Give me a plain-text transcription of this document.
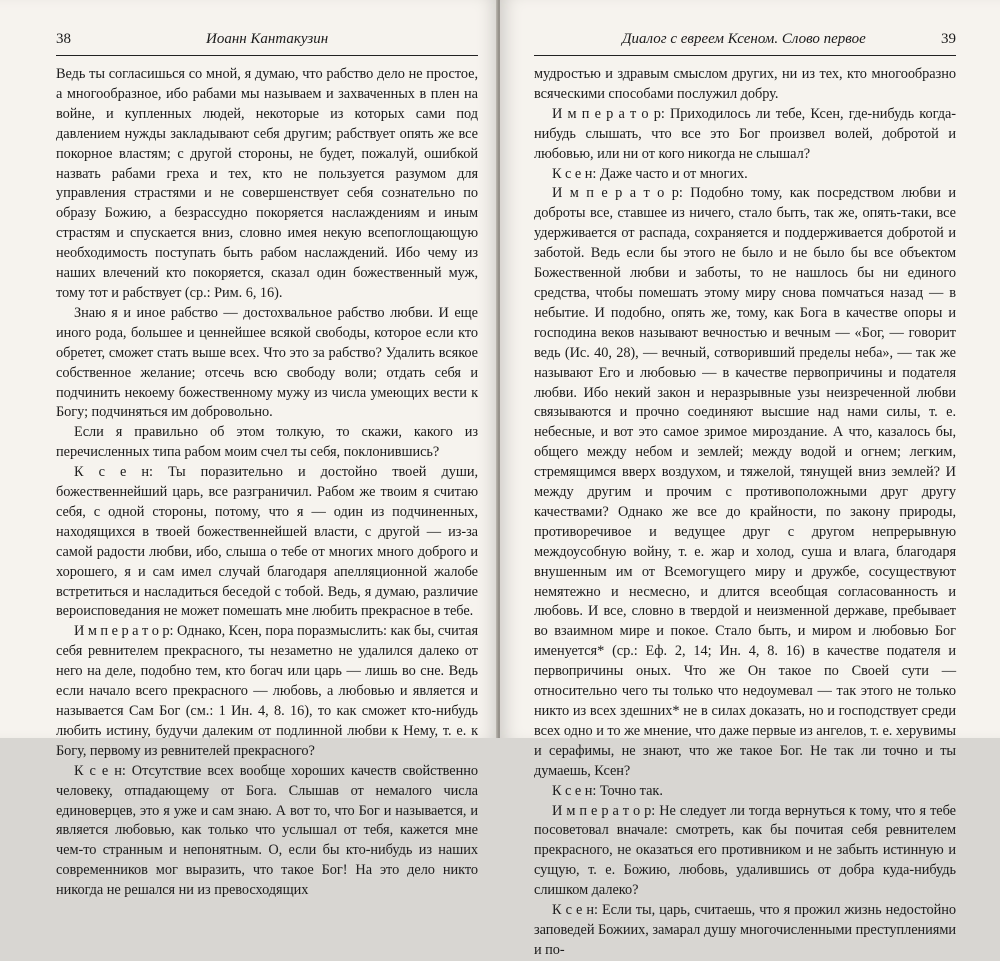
38	Иоанн Кантакузин

Ведь ты согласишься со мной, я думаю, что рабство дело не простое, а многообразное, ибо рабами мы называем и захваченных в плен на войне, и купленных людей, некоторые из которых сами под давлением нужды закладывают себя другим; рабствует опять же все покорное властям; с другой стороны, не будет, пожалуй, ошибкой назвать рабами греха и тех, кто не пользуется разумом для управления страстями и не совершенствует себя сознательно по образу Божию, а безрассудно покоряется наслаждениям и иным страстям и спускается вниз, словно имея некую всепоглощающую необходимость поступать быть рабом наслаждений. Ибо чему из наших влечений кто покоряется, сказал один божественный муж, тому тот и рабствует (ср.: Рим. 6, 16).

Знаю я и иное рабство — достохвальное рабство любви. И еще иного рода, большее и ценнейшее всякой свободы, которое если кто обретет, сможет стать выше всех. Что это за рабство? Удалить всякое собственное желание; отсечь всю свободу воли; отдать себя и подчинить некоему божественному мужу из числа умеющих вести к Богу; подчиняться им добровольно.

Если я правильно об этом толкую, то скажи, какого из перечисленных типа рабом моим счел ты себя, поклонившись?

К с е н: Ты поразительно и достойно твоей души, божественнейший царь, все разграничил. Рабом же твоим я считаю себя, с одной стороны, потому, что я — один из подчиненных, находящихся в твоей божественнейшей власти, с другой — из-за самой радости любви, ибо, слыша о тебе от многих много доброго и хорошего, я и сам имел случай благодаря апелляционной жалобе встретиться и насладиться беседой с тобой. Ведь, я думаю, различие вероисповедания не может помешать мне любить прекрасное в тебе.

И м п е р а т о р: Однако, Ксен, пора поразмыслить: как бы, считая себя ревнителем прекрасного, ты незаметно не удалился далеко от него на деле, подобно тем, кто богач или царь — лишь во сне. Ведь если начало всего прекрасного — любовь, а любовью и является и называется Сам Бог (см.: 1 Ин. 4, 8. 16), то как сможет кто-нибудь любить истину, будучи далеким от подлинной любви к Нему, т. е. к Богу, первому из ревнителей прекрасного?

К с е н: Отсутствие всех вообще хороших качеств свойственно человеку, отпадающему от Бога. Слышав от немалого числа единоверцев, это я уже и сам знаю. А вот то, что Бог и называется, и является любовью, как только что услышал от тебя, кажется мне чем-то странным и непонятным. О, если бы кто-нибудь из наших современников мог выразить, что такое Бог! На это дело никто никогда не решался ни из превосходящих

Диалог с евреем Ксеном. Слово первое	39

мудростью и здравым смыслом других, ни из тех, кто многообразно всяческими способами послужил добру.

И м п е р а т о р: Приходилось ли тебе, Ксен, где-нибудь когда-нибудь слышать, что все это Бог произвел волей, добротой и любовью, или ни от кого никогда не слышал?

К с е н: Даже часто и от многих.

И м п е р а т о р: Подобно тому, как посредством любви и доброты все, ставшее из ничего, стало быть, так же, опять-таки, все удерживается от распада, сохраняется и поддерживается добротой и заботой. Ведь если бы этого не было и не было бы все объектом Божественной любви и заботы, то не нашлось бы ни единого средства, чтобы помешать этому миру снова помчаться назад — в небытие. И подобно, опять же, тому, как Бога в качестве опоры и господина веков называют вечностью и вечным — «Бог, — говорит ведь (Ис. 40, 28), — вечный, сотворивший пределы неба», — так же называют Его и любовью — в качестве первопричины и подателя любви. Ибо некий закон и неразрывные узы неизреченной любви связываются и прочно соединяют высшие над нами силы, т. е. небесные, и вот это самое зримое мироздание. А что, казалось бы, общего между небом и землей; между водой и огнем; легким, стремящимся вверх воздухом, и тяжелой, тянущей вниз землей? И между другим и прочим с противоположными друг другу качествами? Однако же все до крайности, по закону природы, противоречивое и ведущее друг с другом непрерывную междоусобную войну, т. е. жар и холод, суша и влага, благодаря внушенным им от Всемогущего миру и дружбе, сосуществуют немятежно и несмесно, и длится всеобщая согласованность и любовь. И все, словно в твердой и неизменной державе, пребывает во взаимном мире и покое. Стало быть, и миром и любовью Бог именуется* (ср.: Еф. 2, 14; Ин. 4, 8. 16) в качестве подателя и первопричины оных. Что же Он такое по Своей сути — относительно чего ты только что недоумевал — так этого не только никто из всех здешних* не в силах доказать, но и господствует среди всех одно и то же мнение, что даже первые из ангелов, т. е. херувимы и серафимы, не знают, что же такое Бог. Не так ли точно и ты думаешь, Ксен?

К с е н: Точно так.

И м п е р а т о р: Не следует ли тогда вернуться к тому, что я тебе посоветовал вначале: смотреть, как бы почитая себя ревнителем прекрасного, не оказаться его противником и не забыть истинную и сущую, т. е. Божию, любовь, удалившись от добра куда-нибудь слишком далеко?

К с е н: Если ты, царь, считаешь, что я прожил жизнь недостойно заповедей Божиих, замарал душу многочисленными преступлениями и по-
